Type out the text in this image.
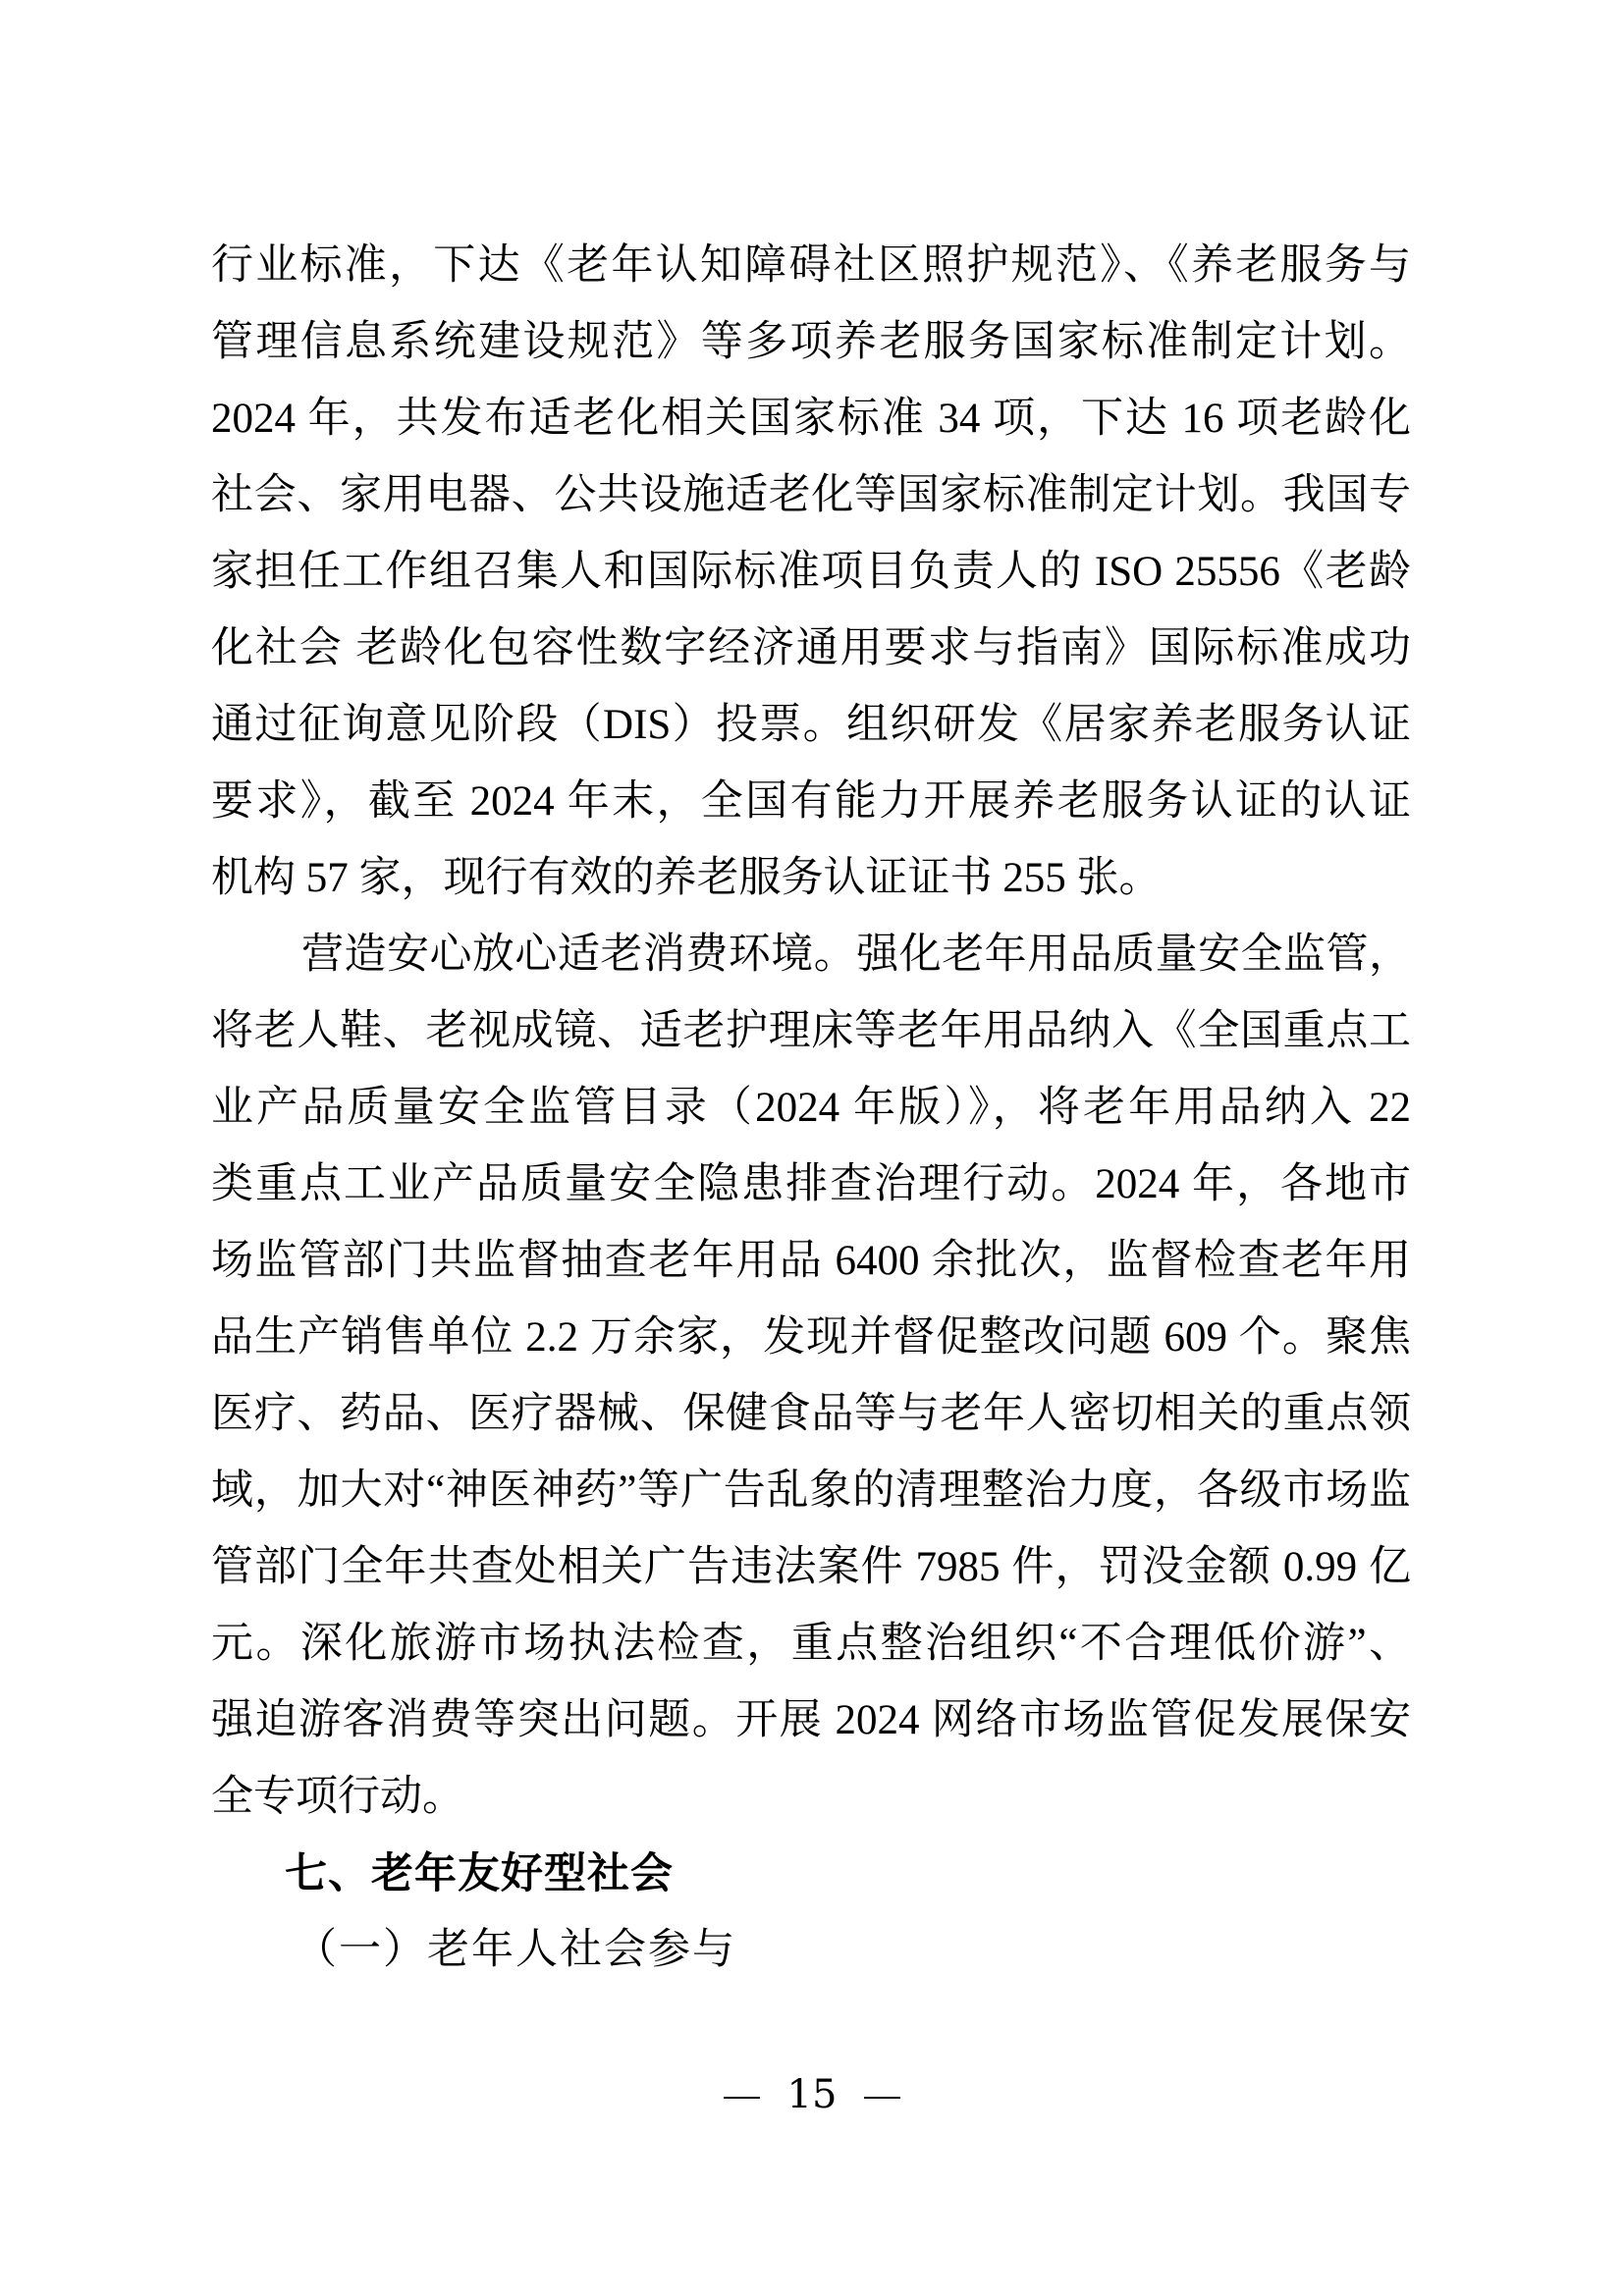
行业标准，下达《老年认知障碍社区照护规范》、《养老服务与
管理信息系统建设规范》等多项养老服务国家标准制定计划。
2024 年，共发布适老化相关国家标准 34 项，下达 16 项老龄化
社会、家用电器、公共设施适老化等国家标准制定计划。我国专
家担任工作组召集人和国际标准项目负责人的 ISO 25556《老龄
化社会 老龄化包容性数字经济通用要求与指南》国际标准成功
通过征询意见阶段（DIS）投票。组织研发《居家养老服务认证
要求》，截至 2024 年末，全国有能力开展养老服务认证的认证
机构 57 家，现行有效的养老服务认证证书 255 张。
营造安心放心适老消费环境。强化老年用品质量安全监管，
将老人鞋、老视成镜、适老护理床等老年用品纳入《全国重点工
业产品质量安全监管目录（2024 年版）》，将老年用品纳入 22
类重点工业产品质量安全隐患排查治理行动。2024 年，各地市
场监管部门共监督抽查老年用品 6400 余批次，监督检查老年用
品生产销售单位 2.2 万余家，发现并督促整改问题 609 个。聚焦
医疗、药品、医疗器械、保健食品等与老年人密切相关的重点领
域，加大对“神医神药”等广告乱象的清理整治力度，各级市场监
管部门全年共查处相关广告违法案件 7985 件，罚没金额 0.99 亿
元。深化旅游市场执法检查，重点整治组织“不合理低价游”、
强迫游客消费等突出问题。开展 2024 网络市场监管促发展保安
全专项行动。
七、老年友好型社会
（一）老年人社会参与
15
